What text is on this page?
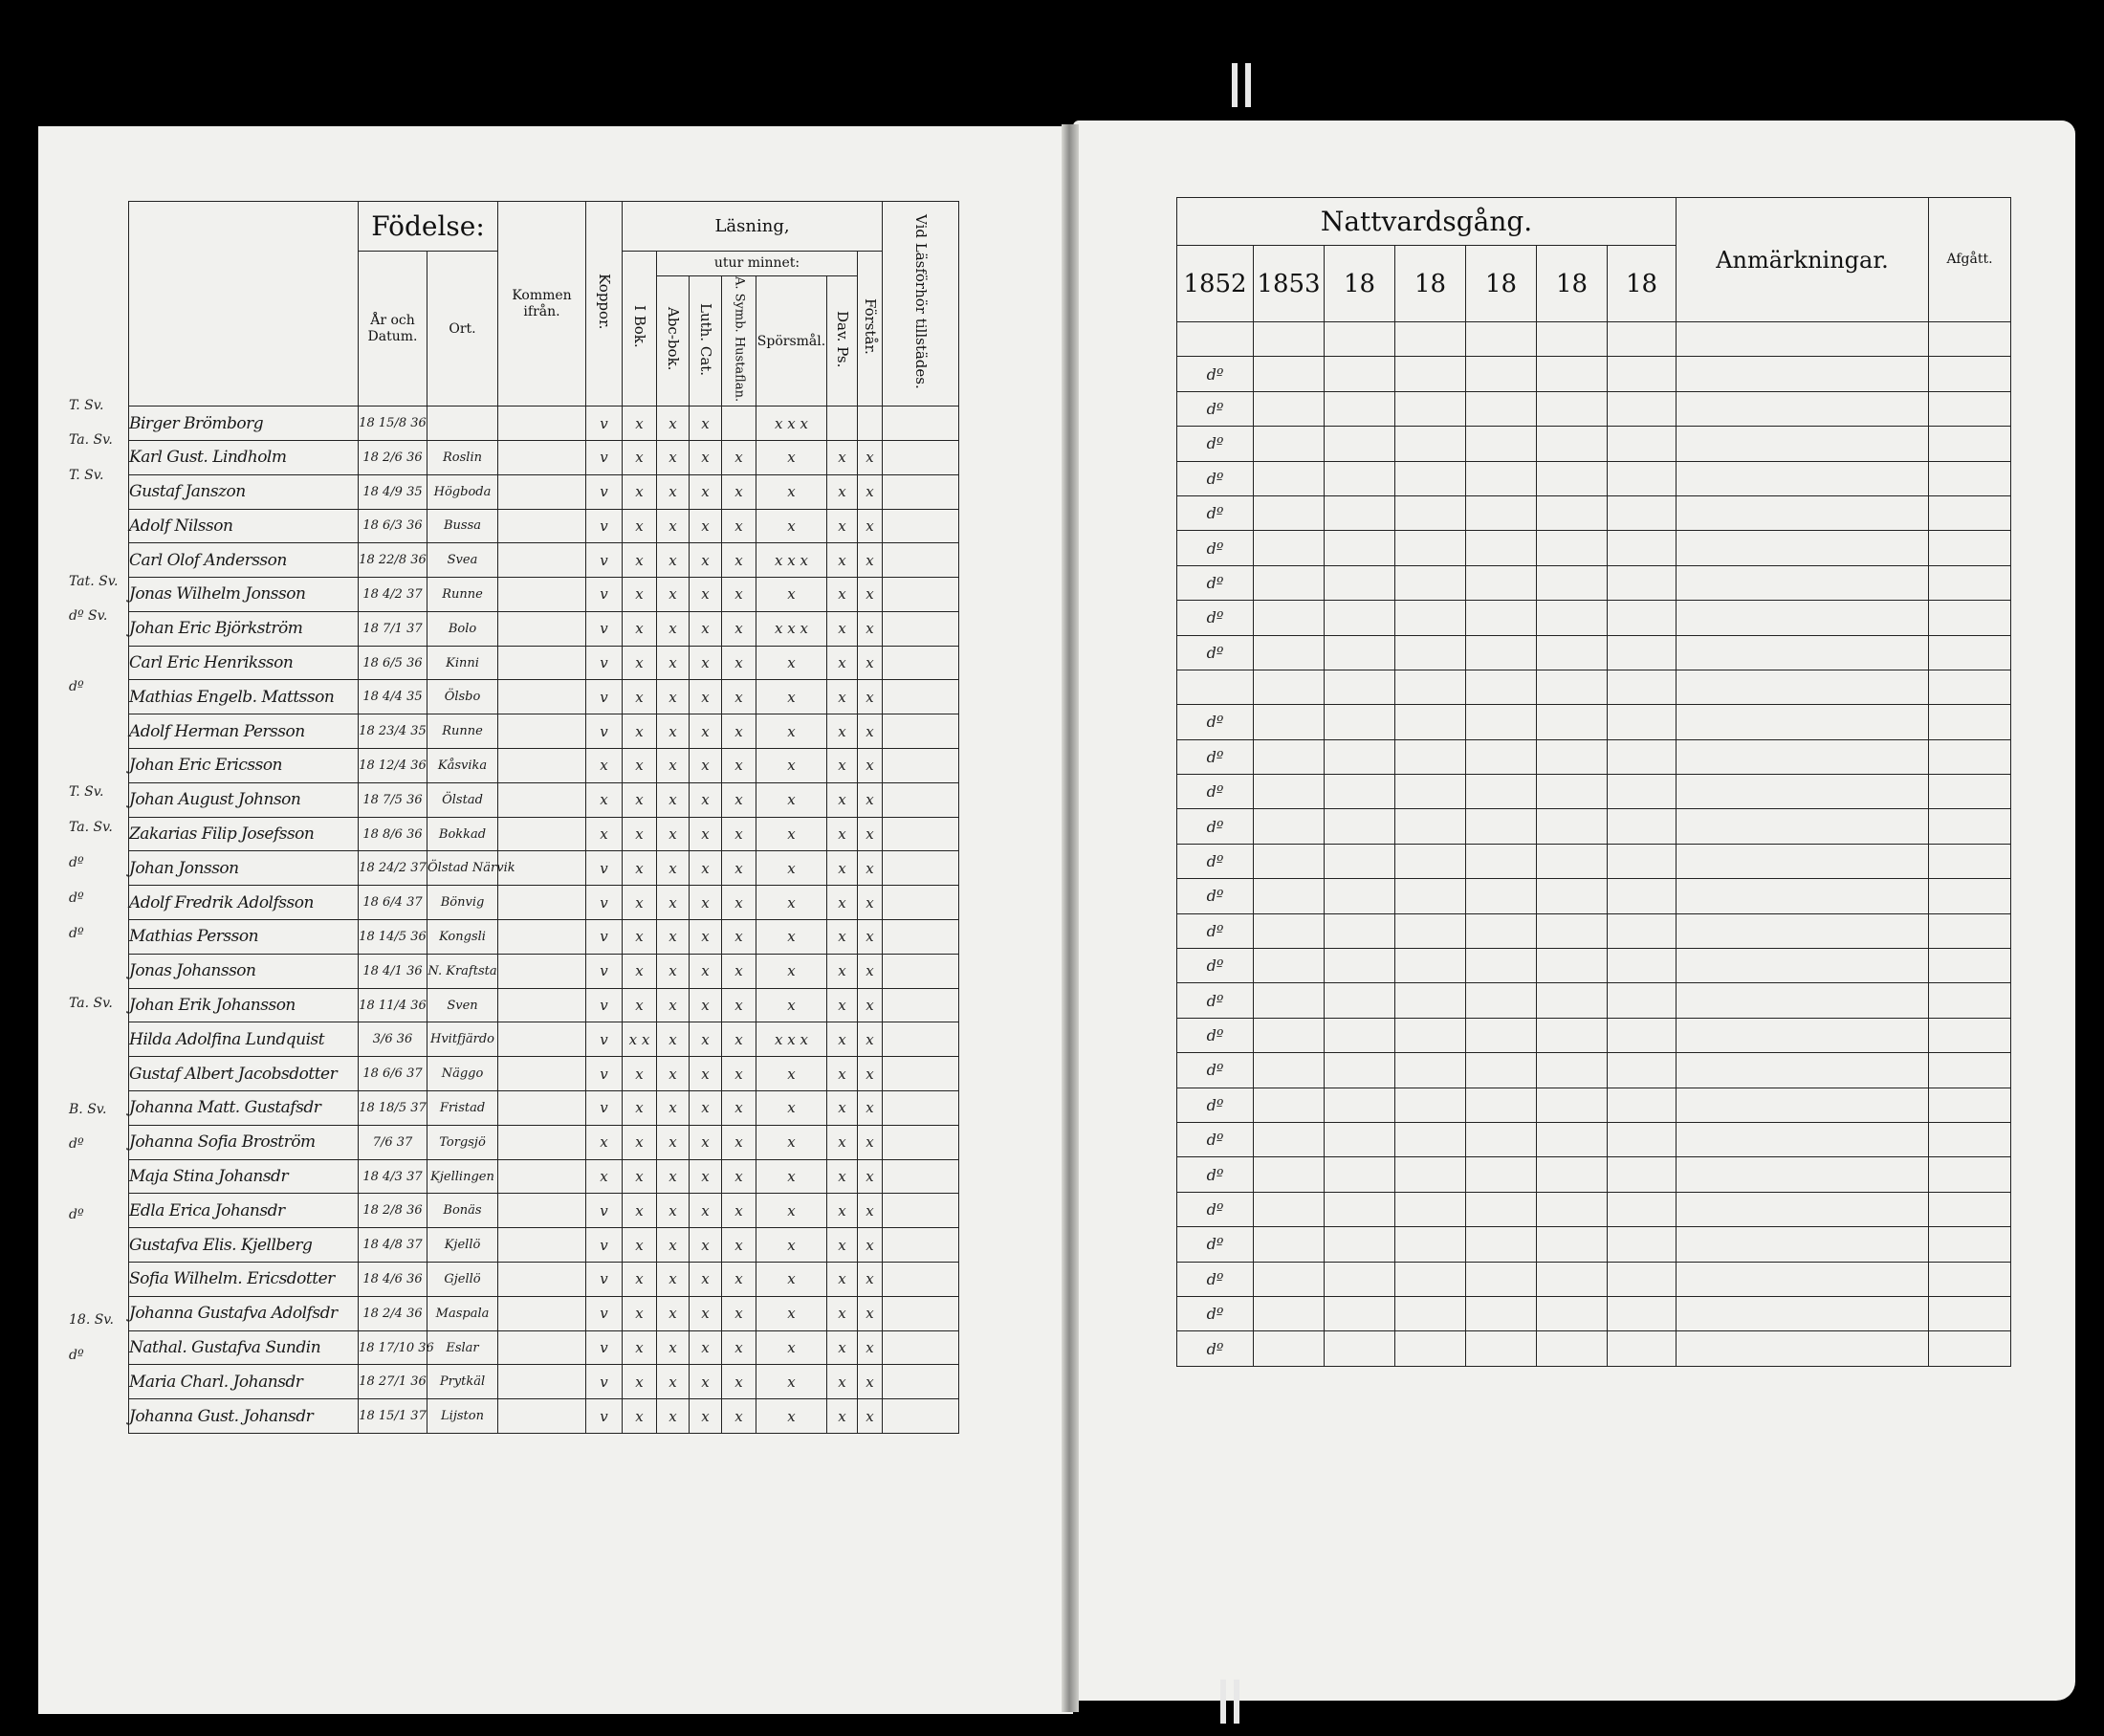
	Födelse:		Kommen ifrån.	Koppor.	Läsning,							Vid Läsförhör tillstädes.
	År och Datum.	Ort.			I Bok.	utur minnet:					Förstår.	
						Abc-bok.	Luth. Cat.	A. Symb. Hustaflan.	Spörsmål.	Dav. Ps.		
Birger Brömborg	18 15/8 36			v	x	x	x		x x x			
Karl Gust. Lindholm	18 2/6 36	Roslin		v	x	x	x	x	x	x	x	
Gustaf Janszon	18 4/9 35	Högboda		v	x	x	x	x	x	x	x	
Adolf Nilsson	18 6/3 36	Bussa		v	x	x	x	x	x	x	x	
Carl Olof Andersson	18 22/8 36	Svea		v	x	x	x	x	x x x	x	x	
Jonas Wilhelm Jonsson	18 4/2 37	Runne		v	x	x	x	x	x	x	x	
Johan Eric Björkström	18 7/1 37	Bolo		v	x	x	x	x	x x x	x	x	
Carl Eric Henriksson	18 6/5 36	Kinni		v	x	x	x	x	x	x	x	
Mathias Engelb. Mattsson	18 4/4 35	Ölsbo		v	x	x	x	x	x	x	x	
Adolf Herman Persson	18 23/4 35	Runne		v	x	x	x	x	x	x	x	
Johan Eric Ericsson	18 12/4 36	Kåsvika		x	x	x	x	x	x	x	x	
Johan August Johnson	18 7/5 36	Ölstad		x	x	x	x	x	x	x	x	
Zakarias Filip Josefsson	18 8/6 36	Bokkad		x	x	x	x	x	x	x	x	
Johan Jonsson	18 24/2 37	Ölstad Närvik		v	x	x	x	x	x	x	x	
Adolf Fredrik Adolfsson	18 6/4 37	Bönvig		v	x	x	x	x	x	x	x	
Mathias Persson	18 14/5 36	Kongsli		v	x	x	x	x	x	x	x	
Jonas Johansson	18 4/1 36	N. Kraftsta		v	x	x	x	x	x	x	x	
Johan Erik Johansson	18 11/4 36	Sven		v	x	x	x	x	x	x	x	
Hilda Adolfina Lundquist	3/6 36	Hvitfjärdo		v	x x	x	x	x	x x x	x	x	
Gustaf Albert Jacobsdotter	18 6/6 37	Näggo		v	x	x	x	x	x	x	x	
Johanna Matt. Gustafsdr	18 18/5 37	Fristad		v	x	x	x	x	x	x	x	
Johanna Sofia Broström	7/6 37	Torgsjö		x	x	x	x	x	x	x	x	
Maja Stina Johansdr	18 4/3 37	Kjellingen		x	x	x	x	x	x	x	x	
Edla Erica Johansdr	18 2/8 36	Bonäs		v	x	x	x	x	x	x	x	
Gustafva Elis. Kjellberg	18 4/8 37	Kjellö		v	x	x	x	x	x	x	x	
Sofia Wilhelm. Ericsdotter	18 4/6 36	Gjellö		v	x	x	x	x	x	x	x	
Johanna Gustafva Adolfsdr	18 2/4 36	Maspala		v	x	x	x	x	x	x	x	
Nathal. Gustafva Sundin	18 17/10 36	Eslar		v	x	x	x	x	x	x	x	
Maria Charl. Johansdr	18 27/1 36	Prytkäl		v	x	x	x	x	x	x	x	
Johanna Gust. Johansdr	18 15/1 37	Lijston		v	x	x	x	x	x	x	x	
T. Sv.
Ta. Sv.
T. Sv.
Tat. Sv.
dº Sv.
dº
T. Sv.
Ta. Sv.
dº
dº
dº
Ta. Sv.
B. Sv.
dº
dº
18. Sv.
dº
Nattvardsgång.							Anmärkningar.	Afgått.
1852	1853	18	18	18	18	18		

dº								
dº								
dº								
dº								
dº								
dº								
dº								
dº								
dº								

dº								
dº								
dº								
dº								
dº								
dº								
dº								
dº								
dº								
dº								
dº								
dº								
dº								
dº								
dº								
dº								
dº								
dº								
dº								
